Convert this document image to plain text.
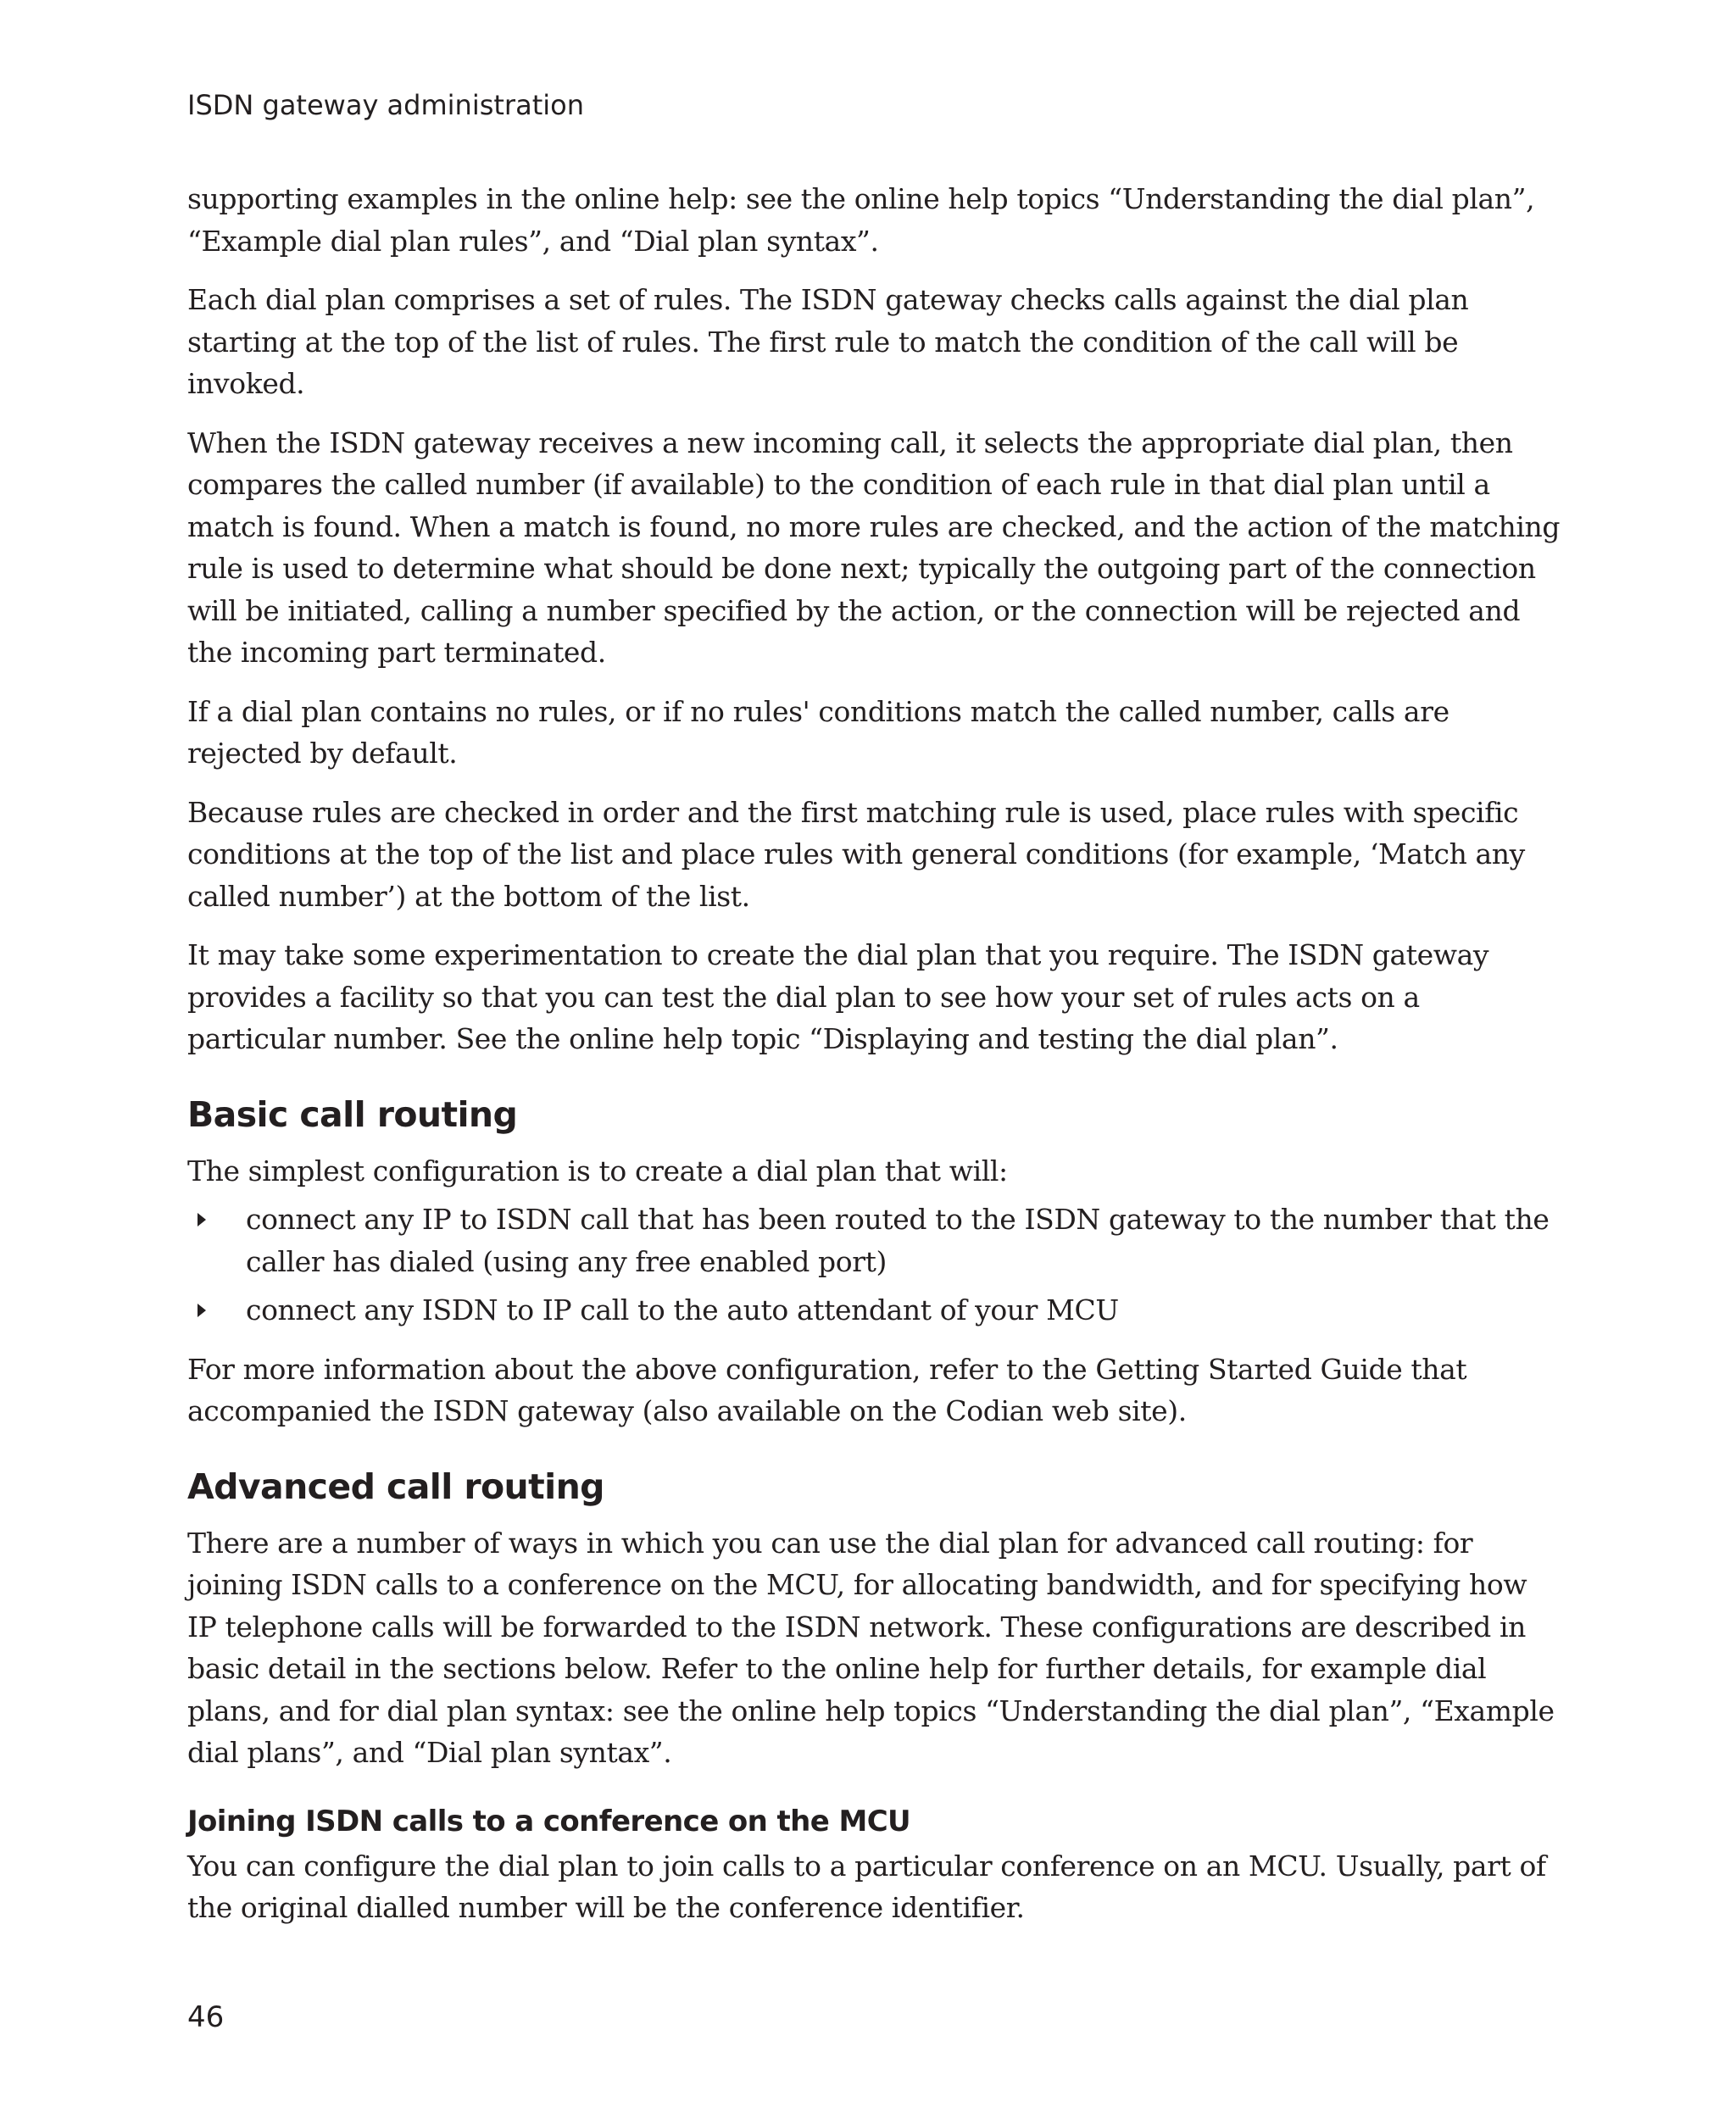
ISDN gateway administration

supporting examples in the online help: see the online help topics “Understanding the dial plan”, “Example dial plan rules”, and “Dial plan syntax”.

Each dial plan comprises a set of rules. The ISDN gateway checks calls against the dial plan starting at the top of the list of rules. The first rule to match the condition of the call will be invoked.

When the ISDN gateway receives a new incoming call, it selects the appropriate dial plan, then compares the called number (if available) to the condition of each rule in that dial plan until a match is found. When a match is found, no more rules are checked, and the action of the matching rule is used to determine what should be done next; typically the outgoing part of the connection will be initiated, calling a number specified by the action, or the connection will be rejected and the incoming part terminated.

If a dial plan contains no rules, or if no rules' conditions match the called number, calls are rejected by default.

Because rules are checked in order and the first matching rule is used, place rules with specific conditions at the top of the list and place rules with general conditions (for example, ‘Match any called number’) at the bottom of the list.

It may take some experimentation to create the dial plan that you require. The ISDN gateway provides a facility so that you can test the dial plan to see how your set of rules acts on a particular number. See the online help topic “Displaying and testing the dial plan”.

Basic call routing

The simplest configuration is to create a dial plan that will:

connect any IP to ISDN call that has been routed to the ISDN gateway to the number that the caller has dialed (using any free enabled port)
connect any ISDN to IP call to the auto attendant of your MCU

For more information about the above configuration, refer to the Getting Started Guide that accompanied the ISDN gateway (also available on the Codian web site).

Advanced call routing

There are a number of ways in which you can use the dial plan for advanced call routing: for joining ISDN calls to a conference on the MCU, for allocating bandwidth, and for specifying how IP telephone calls will be forwarded to the ISDN network. These configurations are described in basic detail in the sections below. Refer to the online help for further details, for example dial plans, and for dial plan syntax: see the online help topics “Understanding the dial plan”, “Example dial plans”, and “Dial plan syntax”.

Joining ISDN calls to a conference on the MCU

You can configure the dial plan to join calls to a particular conference on an MCU. Usually, part of the original dialled number will be the conference identifier.

46
